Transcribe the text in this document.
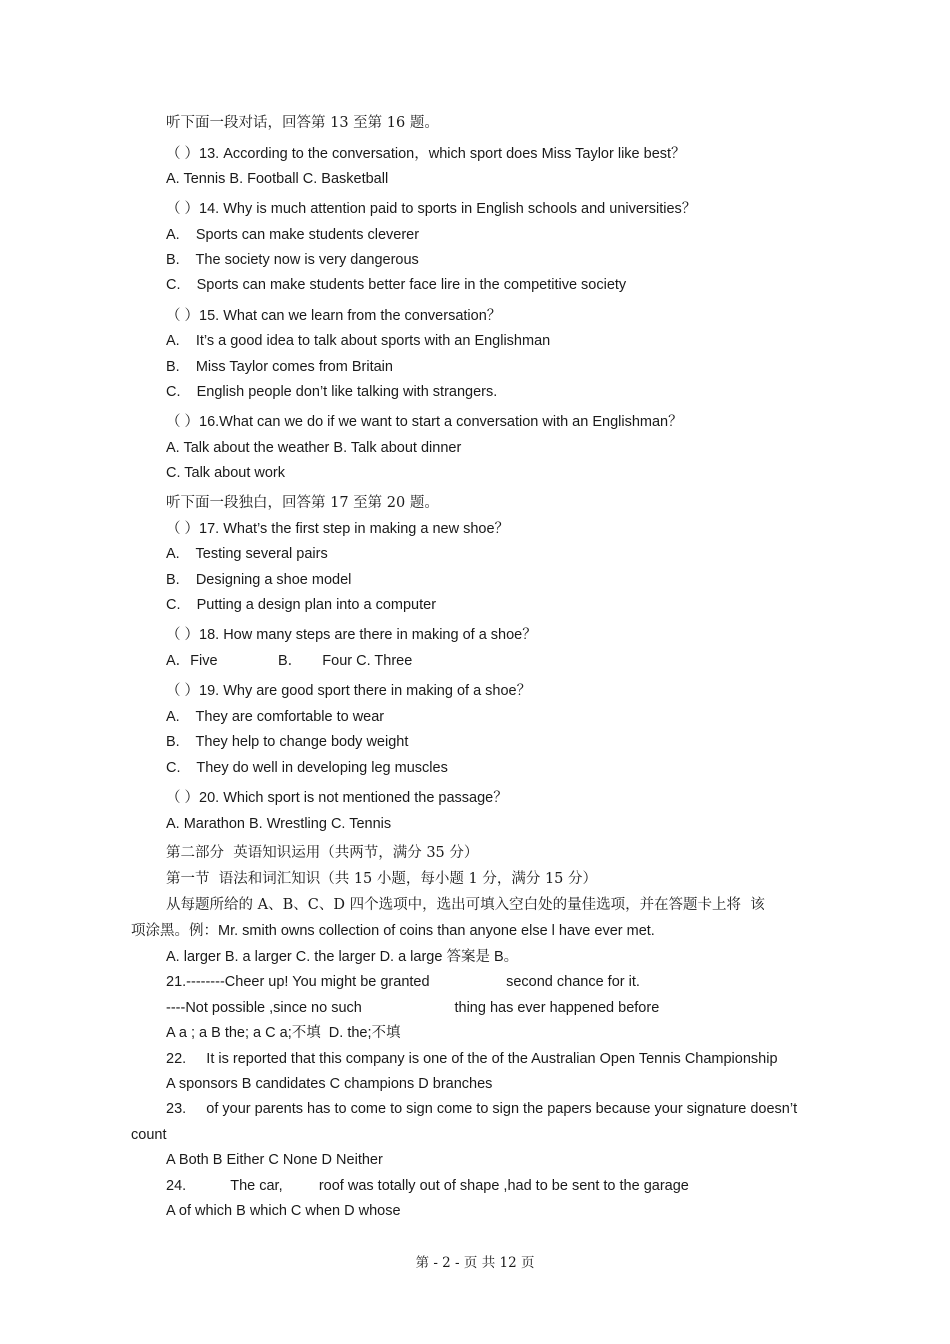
听下面一段对话，回答第 13 至第 16 题。
（ ）13. According to the conversation，which sport does Miss Taylor like best？
A. Tennis B. Football C. Basketball
（ ）14. Why is much attention paid to sports in English schools and universities？
A.    Sports can make students cleverer
B.    The society now is very dangerous
C.    Sports can make students better face lire in the competitive society
（ ）15. What can we learn from the conversation？
A.    It’s a good idea to talk about sports with an Englishman
B.    Miss Taylor comes from Britain
C.    English people don’t like talking with strangers.
（ ）16.What can we do if we want to start a conversation with an Englishman？
A. Talk about the weather B. Talk about dinner
C. Talk about work
听下面一段独白，回答第 17 至第 20 题。
（ ）17. What’s the first step in making a new shoe？
A.    Testing several pairs
B.    Designing a shoe model
C.    Putting a design plan into a computer
（ ）18. How many steps are there in making of a shoe？
A．Five               B．     Four C. Three
（ ）19. Why are good sport there in making of a shoe？
A.    They are comfortable to wear
B.    They help to change body weight
C.    They do well in developing leg muscles
（ ）20. Which sport is not mentioned the passage？
A. Marathon B. Wrestling C. Tennis
第二部分  英语知识运用（共两节，满分 35 分）
第一节  语法和词汇知识（共 15 小题，每小题 1 分，满分 15 分）
从每题所给的 A、B、C、D 四个选项中，选出可填入空白处的量佳选项，并在答题卡上将  该
项涂黑。例：Mr. smith owns collection of coins than anyone else l have ever met.
A. larger B. a larger C. the larger D. a large 答案是 B。
21.--------Cheer up! You might be granted                   second chance for it.
----Not possible ,since no such                       thing has ever happened before
A a ; a B the; a C a;不填  D. the;不填
22.     It is reported that this company is one of the of the Australian Open Tennis Championship
A sponsors B candidates C champions D branches
23.     of your parents has to come to sign come to sign the papers because your signature doesn’t
count
A Both B Either C None D Neither
24.           The car,         roof was totally out of shape ,had to be sent to the garage
A of which B which C when D whose
第 - 2 - 页 共 12 页
